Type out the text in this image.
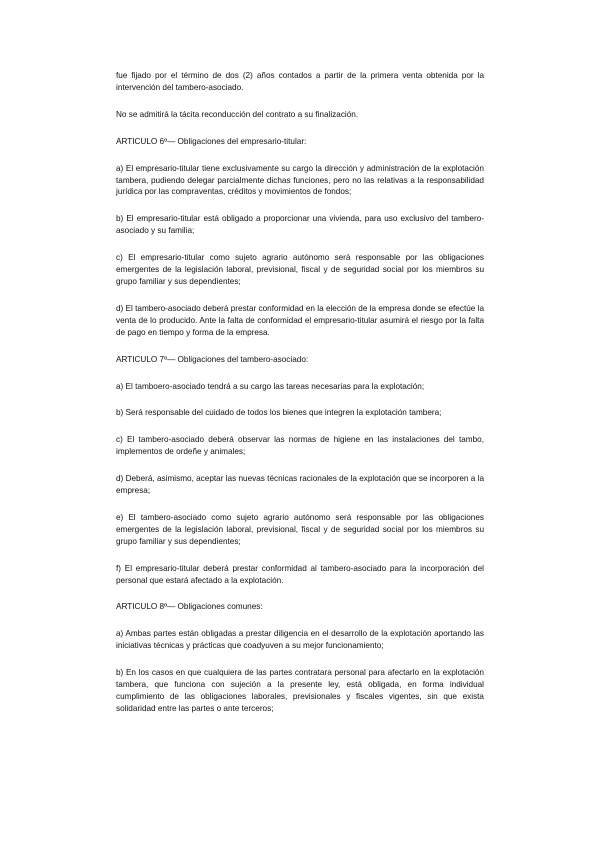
fue fijado por el término de dos (2) años contados a partir de la primera venta obtenida por la intervención del tambero-asociado.

No se admitirá la tácita reconducción del contrato a su finalización.

ARTICULO 6º— Obligaciones del empresario-titular:

a) El empresario-titular tiene exclusivamente su cargo la dirección y administración de la explotación tambera, pudiendo delegar parcialmente dichas funciones, pero no las relativas a la responsabilidad jurídica por las compraventas, créditos y movimientos de fondos;

b) El empresario-titular está obligado a proporcionar una vivienda, para uso exclusivo del tambero-asociado y su familia;

c) El empresario-titular como sujeto agrario autónomo será responsable por las obligaciones emergentes de la legislación laboral, previsional, fiscal y de seguridad social por los miembros su grupo familiar y sus dependientes;

d) El tambero-asociado deberá prestar conformidad en la elección de la empresa donde se efectúe la venta de lo producido. Ante la falta de conformidad el empresario-titular asumirá el riesgo por la falta de pago en tiempo y forma de la empresa.

ARTICULO 7º— Obligaciones del tambero-asociado:

a) El tamboero-asociado tendrá a su cargo las tareas necesarias para la explotación;

b) Será responsable del cuidado de todos los bienes que integren la explotación tambera;

c) El tambero-asociado deberá observar las normas de higiene en las instalaciones del tambo, implementos de ordeñe y animales;

d) Deberá, asimismo, aceptar las nuevas técnicas racionales de la explotación que se incorporen a la empresa;

e) El tambero-asociado como sujeto agrario autónomo será responsable por las obligaciones emergentes de la legislación laboral, previsional, fiscal y de seguridad social por los miembros su grupo familiar y sus dependientes;

f) El empresario-titular deberá prestar conformidad al tambero-asociado para la incorporación del personal que estará afectado a la explotación.

ARTICULO 8º— Obligaciones comunes:

a) Ambas partes están obligadas a prestar diligencia en el desarrollo de la explotación aportando las iniciativas técnicas y prácticas que coadyuven a su mejor funcionamiento;

b) En los casos en que cualquiera de las partes contratara personal para afectarlo en la explotación tambera, que funciona con sujeción a la presente ley, está obligada, en forma individual cumplimiento de las obligaciones laborales, previsionales y fiscales vigentes, sin que exista solidaridad entre las partes o ante terceros;
